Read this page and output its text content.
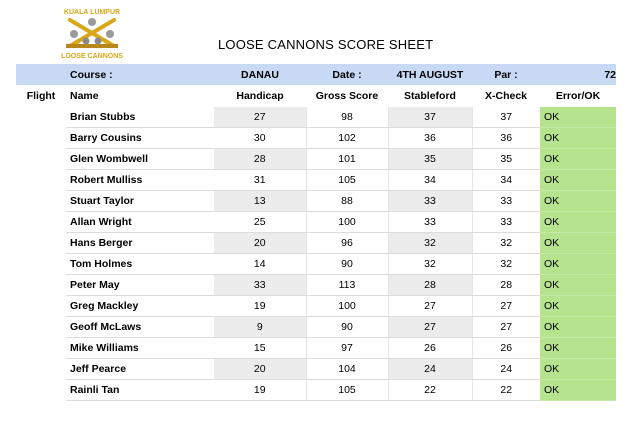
KUALA LUMPUR
LOOSE CANNONS
LOOSE CANNONS SCORE SHEET
	Course :	DANAU	Date :	4TH AUGUST	Par :	72
Flight	Name	Handicap	Gross Score	Stableford	X-Check	Error/OK
	Brian Stubbs	27	98	37	37	OK
	Barry Cousins	30	102	36	36	OK
	Glen Wombwell	28	101	35	35	OK
	Robert Mulliss	31	105	34	34	OK
	Stuart Taylor	13	88	33	33	OK
	Allan Wright	25	100	33	33	OK
	Hans Berger	20	96	32	32	OK
	Tom Holmes	14	90	32	32	OK
	Peter May	33	113	28	28	OK
	Greg Mackley	19	100	27	27	OK
	Geoff McLaws	9	90	27	27	OK
	Mike Williams	15	97	26	26	OK
	Jeff Pearce	20	104	24	24	OK
	Rainli Tan	19	105	22	22	OK
